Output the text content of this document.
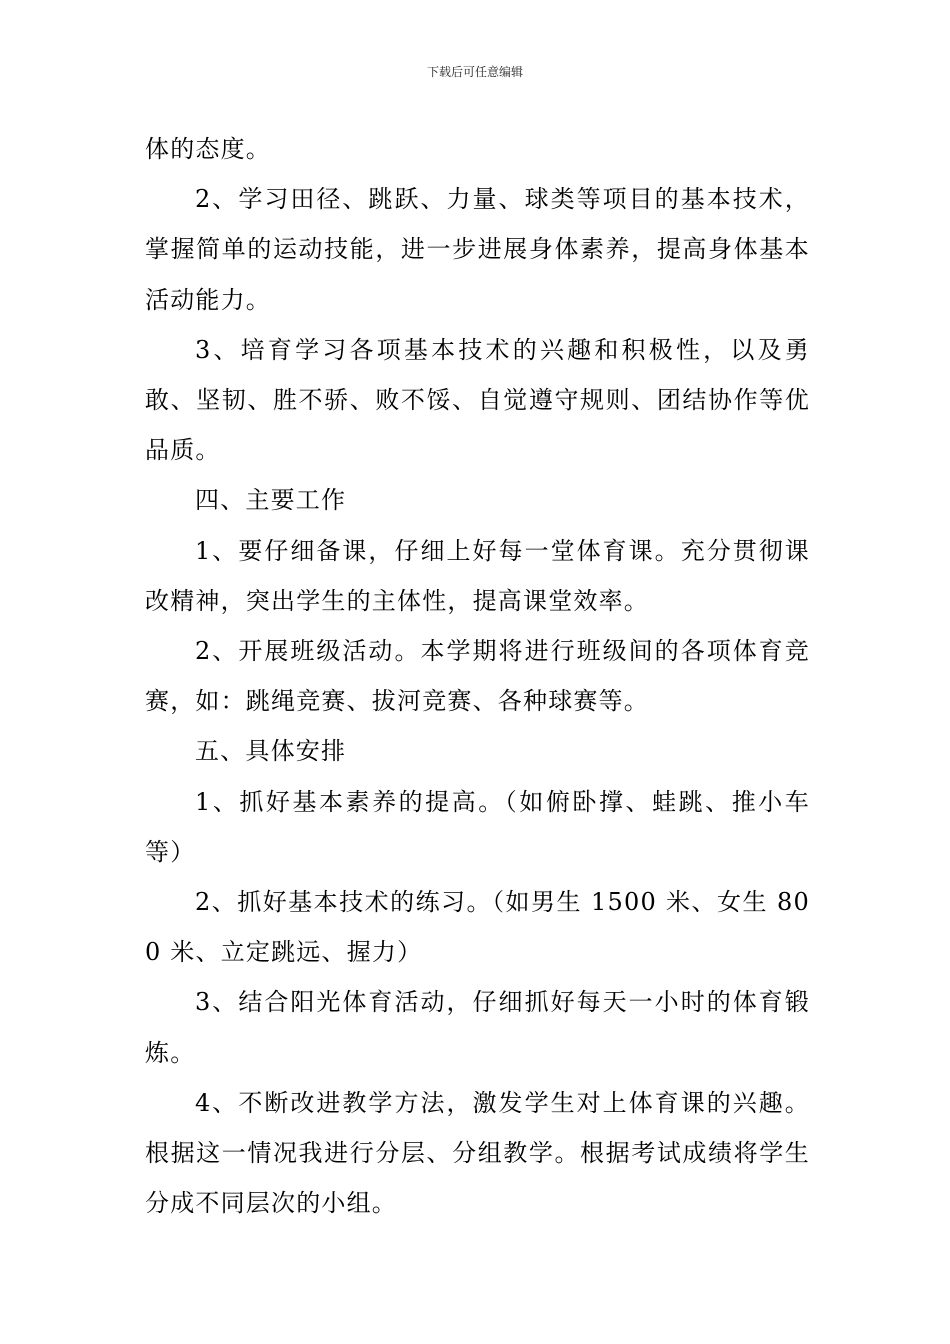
下载后可任意编辑

体的态度。

2、学习田径、跳跃、力量、球类等项目的基本技术，掌握简单的运动技能，进一步进展身体素养，提高身体基本活动能力。

3、培育学习各项基本技术的兴趣和积极性，以及勇敢、坚韧、胜不骄、败不馁、自觉遵守规则、团结协作等优品质。

四、主要工作

1、要仔细备课，仔细上好每一堂体育课。充分贯彻课改精神，突出学生的主体性，提高课堂效率。

2、开展班级活动。本学期将进行班级间的各项体育竞赛，如：跳绳竞赛、拔河竞赛、各种球赛等。

五、具体安排

1、抓好基本素养的提高。（如俯卧撑、蛙跳、推小车等）

2、抓好基本技术的练习。（如男生 1500 米、女生 800 米、立定跳远、握力）

3、结合阳光体育活动，仔细抓好每天一小时的体育锻炼。

4、不断改进教学方法，激发学生对上体育课的兴趣。根据这一情况我进行分层、分组教学。根据考试成绩将学生分成不同层次的小组。
